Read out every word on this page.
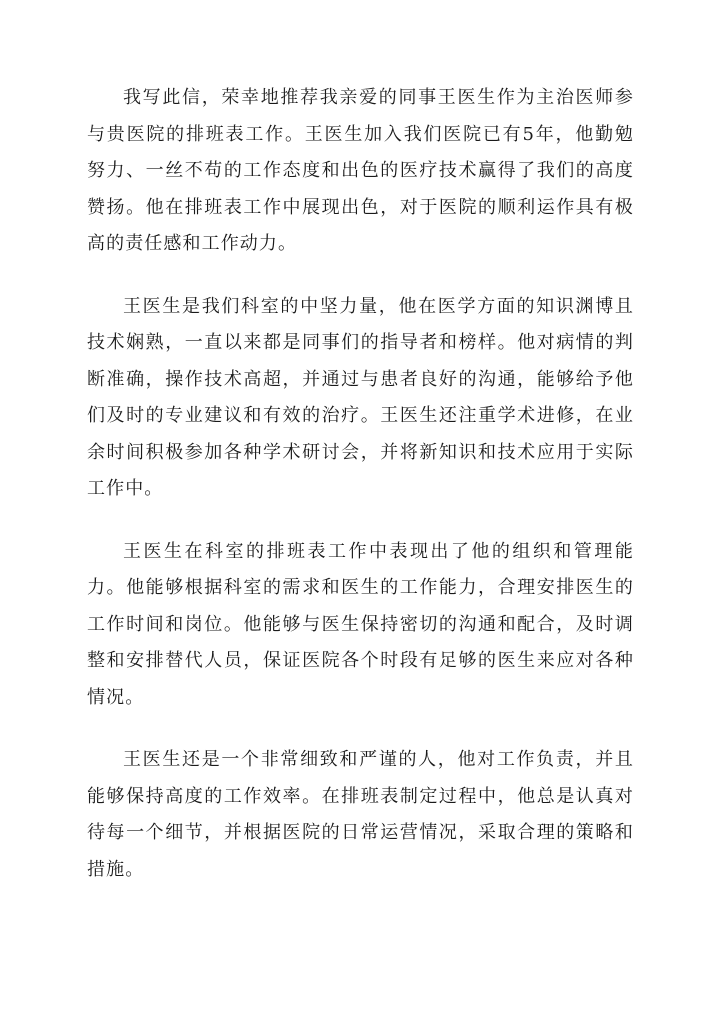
我写此信，荣幸地推荐我亲爱的同事王医生作为主治医师参与贵医院的排班表工作。王医生加入我们医院已有5年，他勤勉努力、一丝不苟的工作态度和出色的医疗技术赢得了我们的高度赞扬。他在排班表工作中展现出色，对于医院的顺利运作具有极高的责任感和工作动力。

王医生是我们科室的中坚力量，他在医学方面的知识渊博且技术娴熟，一直以来都是同事们的指导者和榜样。他对病情的判断准确，操作技术高超，并通过与患者良好的沟通，能够给予他们及时的专业建议和有效的治疗。王医生还注重学术进修，在业余时间积极参加各种学术研讨会，并将新知识和技术应用于实际工作中。

王医生在科室的排班表工作中表现出了他的组织和管理能力。他能够根据科室的需求和医生的工作能力，合理安排医生的工作时间和岗位。他能够与医生保持密切的沟通和配合，及时调整和安排替代人员，保证医院各个时段有足够的医生来应对各种情况。

王医生还是一个非常细致和严谨的人，他对工作负责，并且能够保持高度的工作效率。在排班表制定过程中，他总是认真对待每一个细节，并根据医院的日常运营情况，采取合理的策略和措施。
